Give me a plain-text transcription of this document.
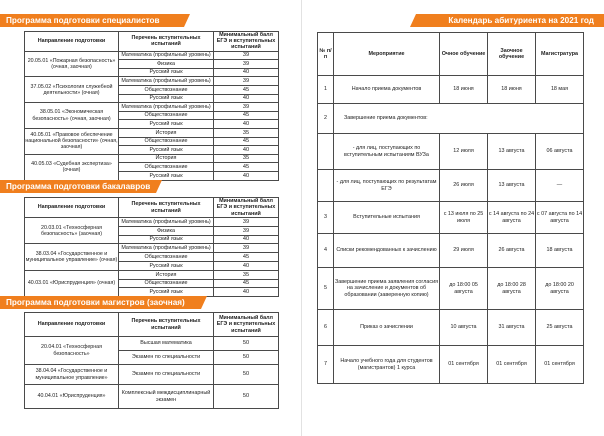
Программа подготовки специалистов
Направление подготовки	Перечень вступительных испытаний	Минимальный балл ЕГЭ и вступительных испытаний
20.05.01 «Пожарная безопасность» (очная, заочная)	Математика (профильный уровень)	39
	Физика	39
	Русский язык	40
37.05.02 «Психология служебной деятельности» (очная)	Математика (профильный уровень)	39
	Обществознание	45
	Русский язык	40
38.05.01 «Экономическая безопасность» (очная, заочная)	Математика (профильный уровень)	39
	Обществознание	45
	Русский язык	40
40.05.01 «Правовое обеспечение национальной безопасности» (очная, заочная)	История	35
	Обществознание	45
	Русский язык	40
40.05.03 «Судебная экспертиза» (очная)	История	35
	Обществознание	45
	Русский язык	40
Программа подготовки бакалавров
Направление подготовки	Перечень вступительных испытаний	Минимальный балл ЕГЭ и вступительных испытаний
20.03.01 «Техносферная безопасность» (заочная)	Математика (профильный уровень)	39
	Физика	39
	Русский язык	40
38.03.04 «Государственное и муниципальное управление» (очная)	Математика (профильный уровень)	39
	Обществознание	45
	Русский язык	40
40.03.01 «Юриспруденция» (очная)	История	35
	Обществознание	45
	Русский язык	40
Программа подготовки магистров (заочная)
Направление подготовки	Перечень вступительных испытаний	Минимальный балл ЕГЭ и вступительных испытаний
20.04.01 «Техносферная безопасность»	Высшая математика	50
	Экзамен по специальности	50
38.04.04 «Государственное и муниципальное управление»	Экзамен по специальности	50
40.04.01 «Юриспруденция»	Комплексный междисциплинарный экзамен	50
Календарь абитуриента на 2021 год
№ п/п	Мероприятие	Очное обучение	Заочное обучение	Магистратура
1	Начало приема документов	18 июня	18 июня	18 мая
2	Завершение приема документов:			
	- для лиц, поступающих по вступительным испытаниям ВУЗа	12 июля	13 августа	06 августа
	- для лиц, поступающих по результатам ЕГЭ	26 июля	13 августа	—
3	Вступительные испытания	с 13 июля по 25 июля	с 14 августа по 24 августа	с 07 августа по 14 августа
4	Списки рекомендованных к зачислению	29 июля	26 августа	18 августа
5	Завершение приема заявления согласия на зачисление и документов об образовании (заверенную копию)	до 18:00 05 августа	до 18:00 28 августа	до 18:00 20 августа
6	Приказ о зачислении	10 августа	31 августа	25 августа
7	Начало учебного года для студентов (магистрантов) 1 курса	01 сентября	01 сентября	01 сентября
